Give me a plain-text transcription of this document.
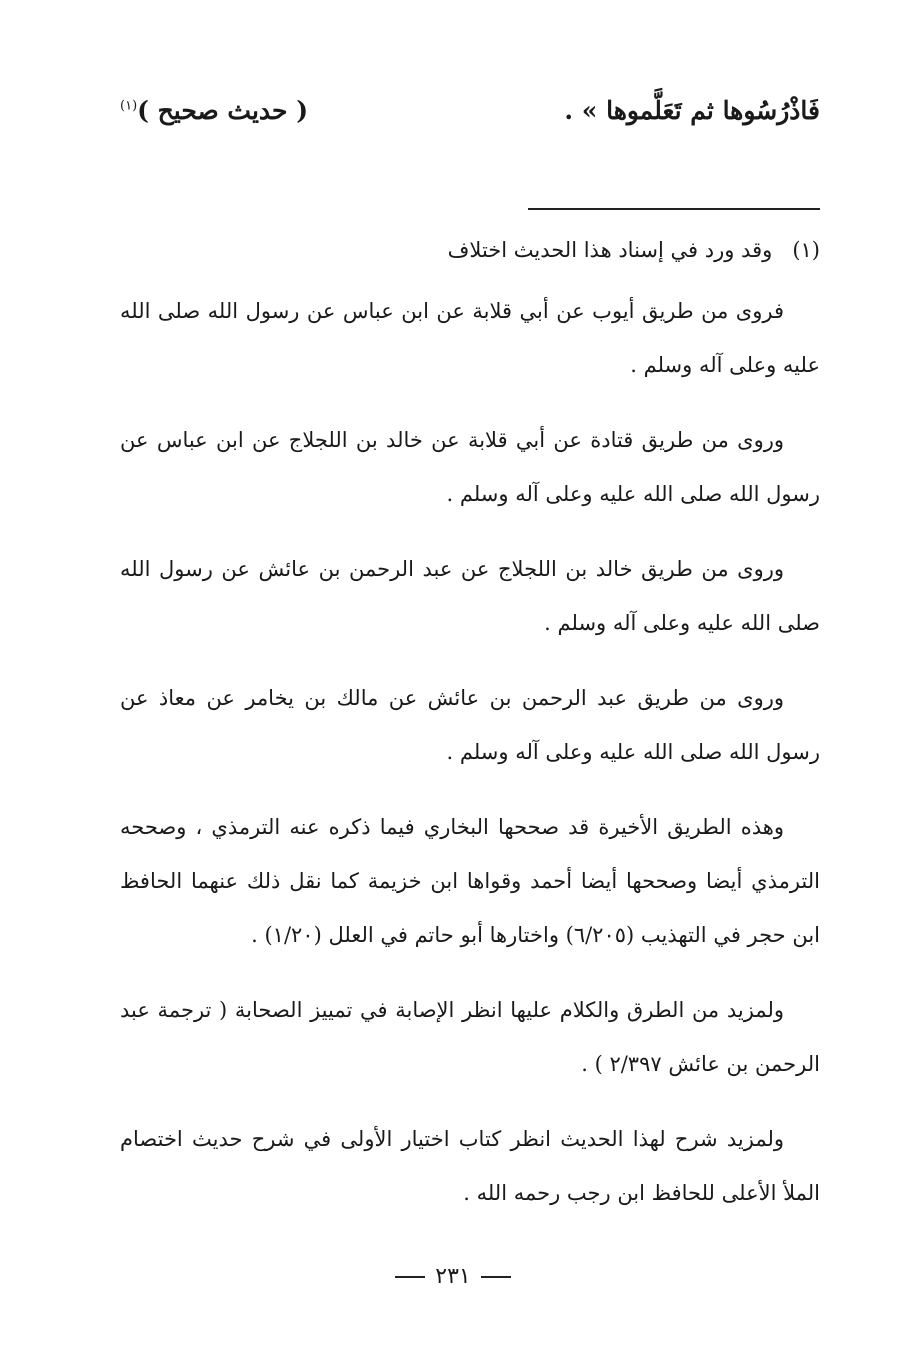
فَاذْرُسُوها ثم تَعَلَّموها » .
( حديث صحيح )$^{(١)}$
(١)   وقد ورد في إسناد هذا الحديث اختلاف

فروى من طريق أيوب عن أبي قلابة عن ابن عباس عن رسول الله صلى الله عليه وعلى آله وسلم .

وروى من طريق قتادة عن أبي قلابة عن خالد بن اللجلاج عن ابن عباس عن رسول الله صلى الله عليه وعلى آله وسلم .

وروى من طريق خالد بن اللجلاج عن عبد الرحمن بن عائش عن رسول الله صلى الله عليه وعلى آله وسلم .

وروى من طريق عبد الرحمن بن عائش عن مالك بن يخامر عن معاذ عن رسول الله صلى الله عليه وعلى آله وسلم .

وهذه الطريق الأخيرة قد صححها البخاري فيما ذكره عنه الترمذي ، وصححه الترمذي أيضا وصححها أيضا أحمد وقواها ابن خزيمة كما نقل ذلك عنهما الحافظ ابن حجر في التهذيب (٦/٢٠٥) واختارها أبو حاتم في العلل (١/٢٠) .

ولمزيد من الطرق والكلام عليها انظر الإصابة في تمييز الصحابة ( ترجمة عبد الرحمن بن عائش ٢/٣٩٧ ) .

ولمزيد شرح لهذا الحديث انظر كتاب اختيار الأولى في شرح حديث اختصام الملأ الأعلى للحافظ ابن رجب رحمه الله .

٢٣١
